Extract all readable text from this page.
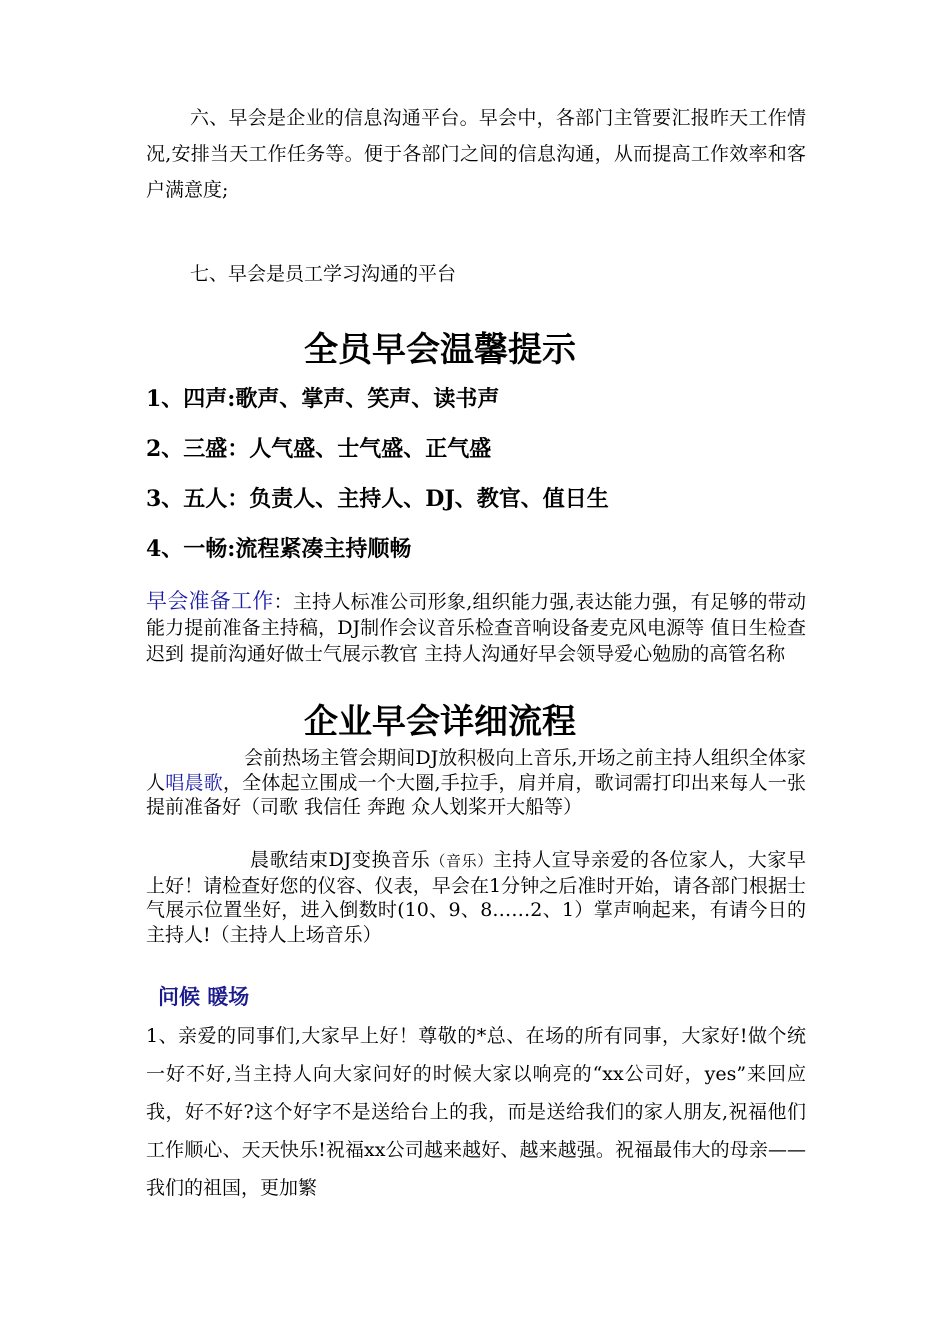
六、早会是企业的信息沟通平台。早会中，各部门主管要汇报昨天工作情况,安排当天工作任务等。便于各部门之间的信息沟通，从而提高工作效率和客户满意度;

七、早会是员工学习沟通的平台

全员早会温馨提示
1、四声:歌声、掌声、笑声、读书声
2、三盛：人气盛、士气盛、正气盛
3、五人：负责人、主持人、DJ、教官、值日生
4、一畅:流程紧凑主持顺畅

早会准备工作：主持人标准公司形象,组织能力强,表达能力强，有足够的带动能力提前准备主持稿，DJ制作会议音乐检查音响设备麦克风电源等 值日生检查迟到 提前沟通好做士气展示教官 主持人沟通好早会领导爱心勉励的高管名称

企业早会详细流程

会前热场主管会期间DJ放积极向上音乐,开场之前主持人组织全体家人唱晨歌，全体起立围成一个大圈,手拉手，肩并肩，歌词需打印出来每人一张提前准备好（司歌 我信任 奔跑 众人划桨开大船等）

晨歌结束DJ变换音乐（音乐）主持人宣导亲爱的各位家人，大家早上好！请检查好您的仪容、仪表，早会在1分钟之后准时开始，请各部门根据士气展示位置坐好，进入倒数时(10、9、8……2、1）掌声响起来，有请今日的主持人!（主持人上场音乐）

问候 暖场

1、亲爱的同事们,大家早上好！尊敬的*总、在场的所有同事，大家好!做个统一好不好,当主持人向大家问好的时候大家以响亮的“xx公司好，yes”来回应我，好不好?这个好字不是送给台上的我，而是送给我们的家人朋友,祝福他们工作顺心、天天快乐!祝福xx公司越来越好、越来越强。祝福最伟大的母亲——我们的祖国，更加繁
